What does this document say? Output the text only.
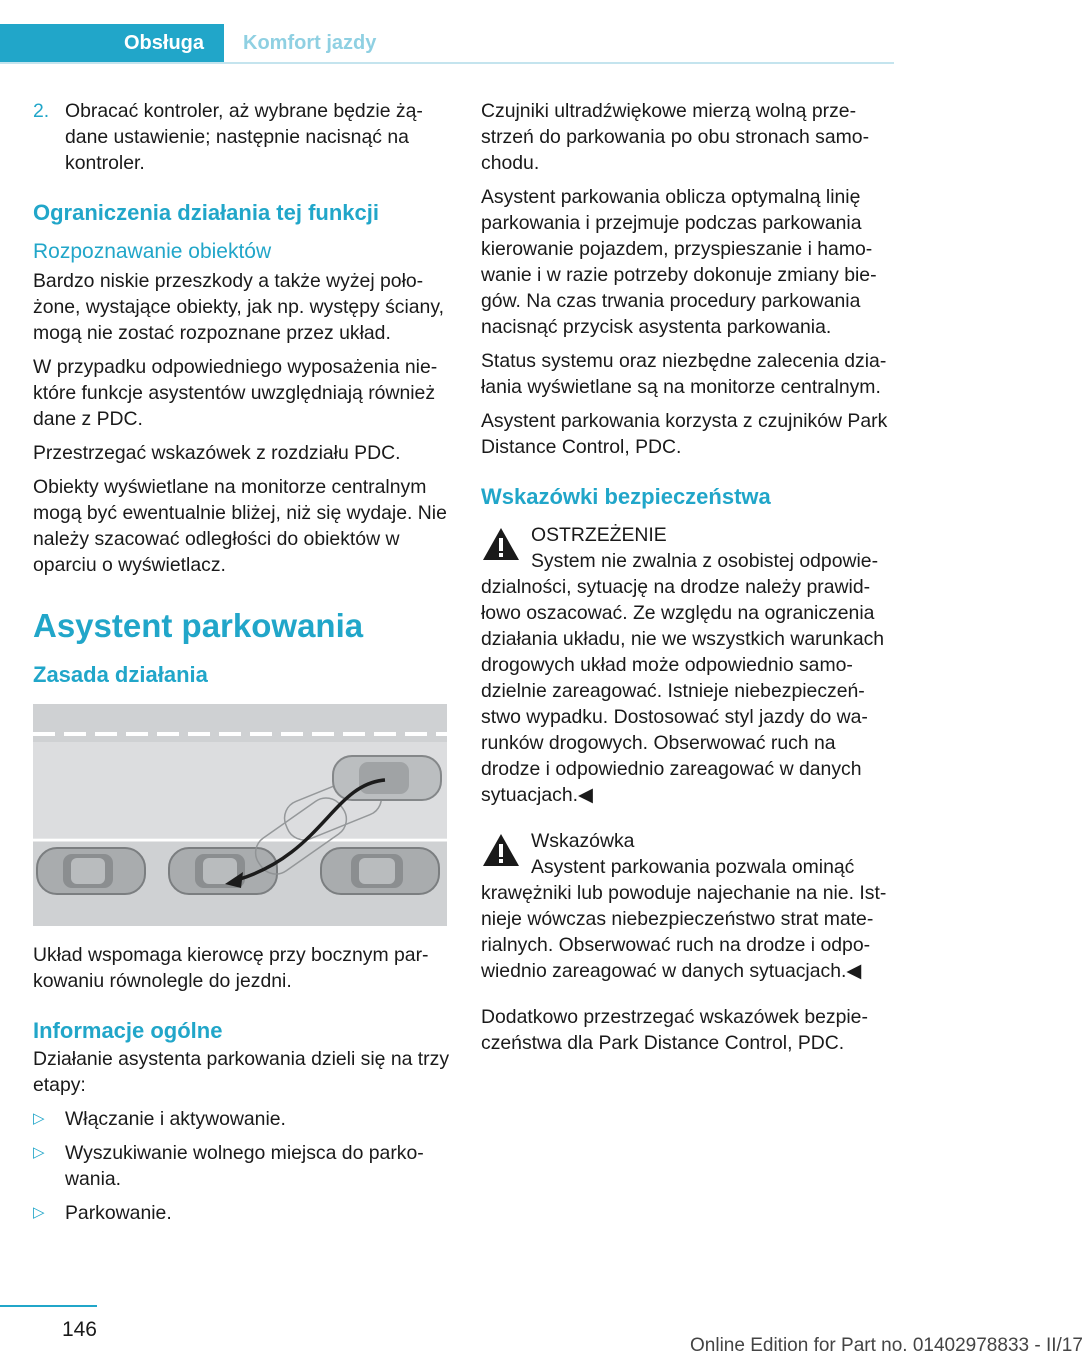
Obsługa	Komfort jazdy
2. Obracać kontroler, aż wybrane będzie żą-dane ustawienie; następnie nacisnąć na kontroler.
Ograniczenia działania tej funkcji
Rozpoznawanie obiektów

Bardzo niskie przeszkody a także wyżej poło-żone, wystające obiekty, jak np. występy ściany, mogą nie zostać rozpoznane przez układ.

W przypadku odpowiedniego wyposażenia nie-które funkcje asystentów uwzględniają również dane z PDC.

Przestrzegać wskazówek z rozdziału PDC.

Obiekty wyświetlane na monitorze centralnym mogą być ewentualnie bliżej, niż się wydaje. Nie należy szacować odległości do obiektów w oparciu o wyświetlacz.

Asystent parkowania
Zasada działania

Układ wspomaga kierowcę przy bocznym par-kowaniu równolegle do jezdni.

Informacje ogólne

Działanie asystenta parkowania dzieli się na trzy etapy:

▷	Włączanie i aktywowanie.
▷	Wyszukiwanie wolnego miejsca do parko-wania.
▷	Parkowanie.

Czujniki ultradźwiękowe mierzą wolną prze-strzeń do parkowania po obu stronach samo-chodu.

Asystent parkowania oblicza optymalną linię parkowania i przejmuje podczas parkowania kierowanie pojazdem, przyspieszanie i hamo-wanie i w razie potrzeby dokonuje zmiany bie-gów. Na czas trwania procedury parkowania nacisnąć przycisk asystenta parkowania.

Status systemu oraz niezbędne zalecenia dzia-łania wyświetlane są na monitorze centralnym.

Asystent parkowania korzysta z czujników Park Distance Control, PDC.

Wskazówki bezpieczeństwa
OSTRZEŻENIE
System nie zwalnia z osobistej odpowie-dzialności, sytuację na drodze należy prawid-łowo oszacować. Ze względu na ograniczenia działania układu, nie we wszystkich warunkach drogowych układ może odpowiednio samo-dzielnie zareagować. Istnieje niebezpieczeń-stwo wypadku. Dostosować styl jazdy do wa-runków drogowych. Obserwować ruch na drodze i odpowiednio zareagować w danych sytuacjach.◀
Wskazówka
Asystent parkowania pozwala ominąć krawężniki lub powoduje najechanie na nie. Ist-nieje wówczas niebezpieczeństwo strat mate-rialnych. Obserwować ruch na drodze i odpo-wiednio zareagować w danych sytuacjach.◀

Dodatkowo przestrzegać wskazówek bezpie-czeństwa dla Park Distance Control, PDC.

146
Online Edition for Part no. 01402978833 - II/17
